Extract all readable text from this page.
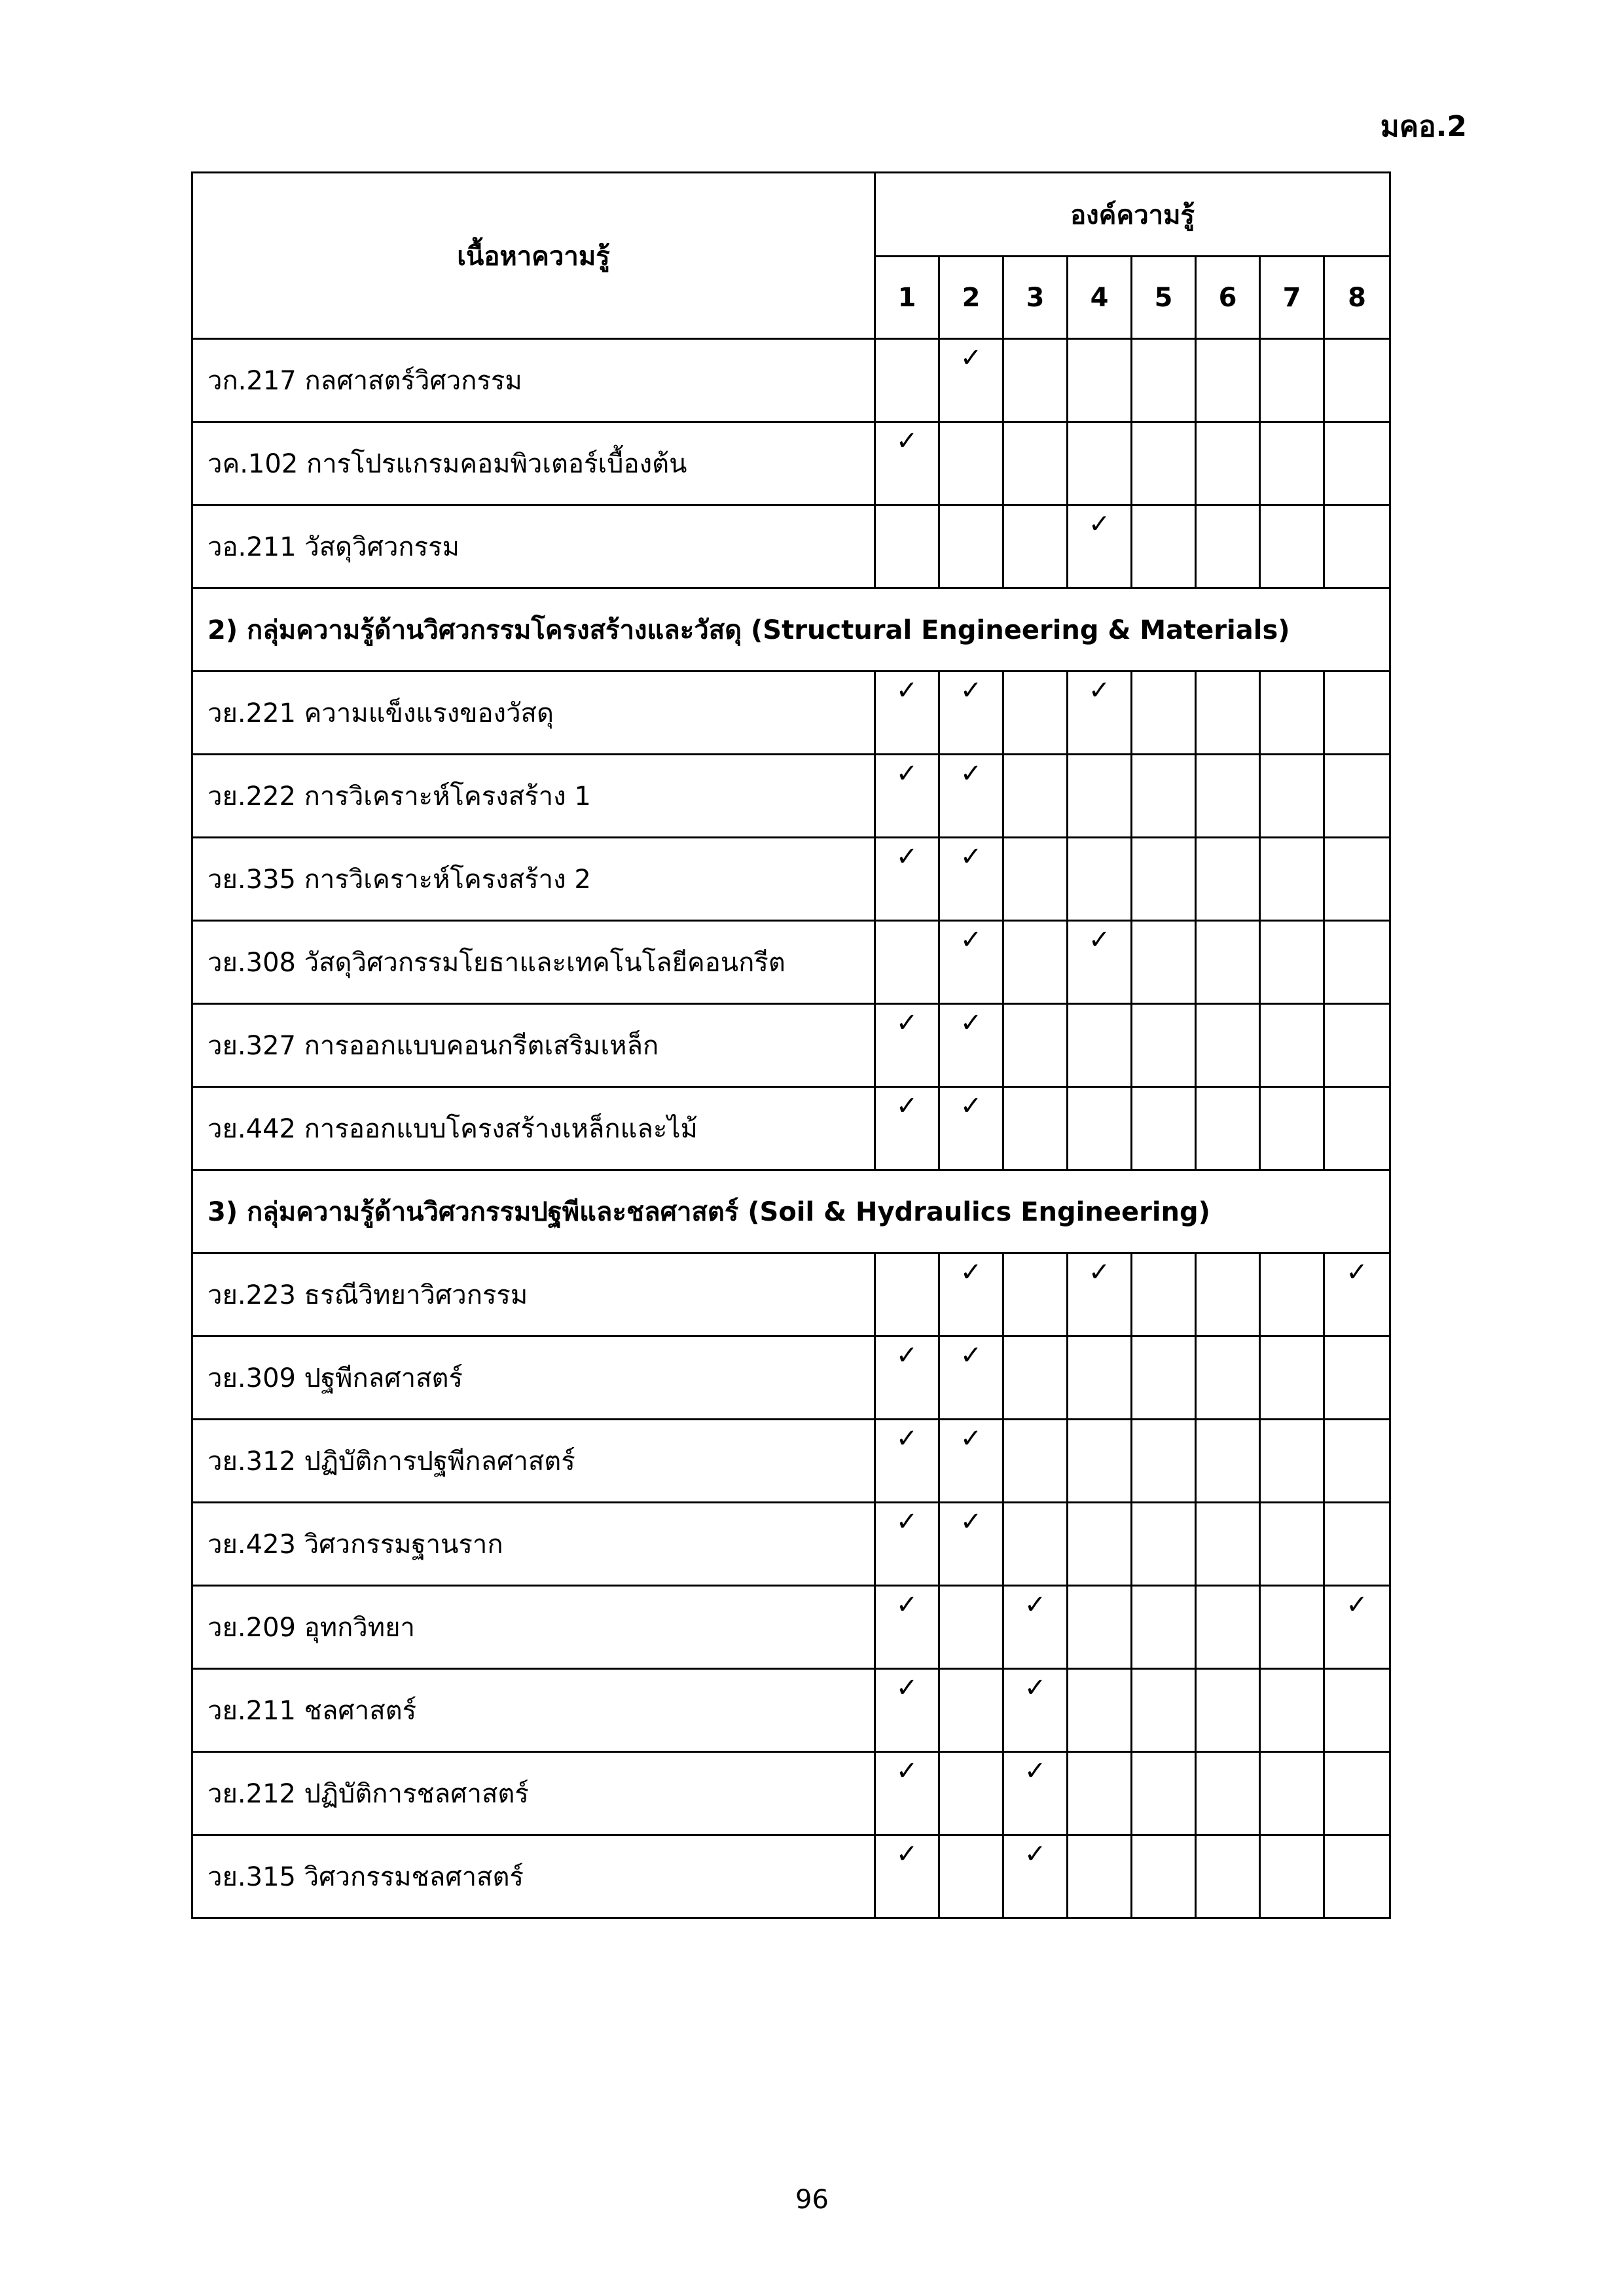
มคอ.2
เนื้อหาความรู้	องค์ความรู้							
	1	2	3	4	5	6	7	8
วก.217 กลศาสตร์วิศวกรรม		✓						
วค.102 การโปรแกรมคอมพิวเตอร์เบื้องต้น	✓							
วอ.211 วัสดุวิศวกรรม				✓				
2) กลุ่มความรู้ด้านวิศวกรรมโครงสร้างและวัสดุ (Structural Engineering & Materials)								
วย.221 ความแข็งแรงของวัสดุ	✓	✓		✓				
วย.222 การวิเคราะห์โครงสร้าง 1	✓	✓						
วย.335 การวิเคราะห์โครงสร้าง 2	✓	✓						
วย.308 วัสดุวิศวกรรมโยธาและเทคโนโลยีคอนกรีต		✓		✓				
วย.327 การออกแบบคอนกรีตเสริมเหล็ก	✓	✓						
วย.442 การออกแบบโครงสร้างเหล็กและไม้	✓	✓						
3) กลุ่มความรู้ด้านวิศวกรรมปฐพีและชลศาสตร์ (Soil & Hydraulics Engineering)								
วย.223 ธรณีวิทยาวิศวกรรม		✓		✓				✓
วย.309 ปฐพีกลศาสตร์	✓	✓						
วย.312 ปฏิบัติการปฐพีกลศาสตร์	✓	✓						
วย.423 วิศวกรรมฐานราก	✓	✓						
วย.209 อุทกวิทยา	✓		✓					✓
วย.211 ชลศาสตร์	✓		✓					
วย.212 ปฏิบัติการชลศาสตร์	✓		✓					
วย.315 วิศวกรรมชลศาสตร์	✓		✓					
96
